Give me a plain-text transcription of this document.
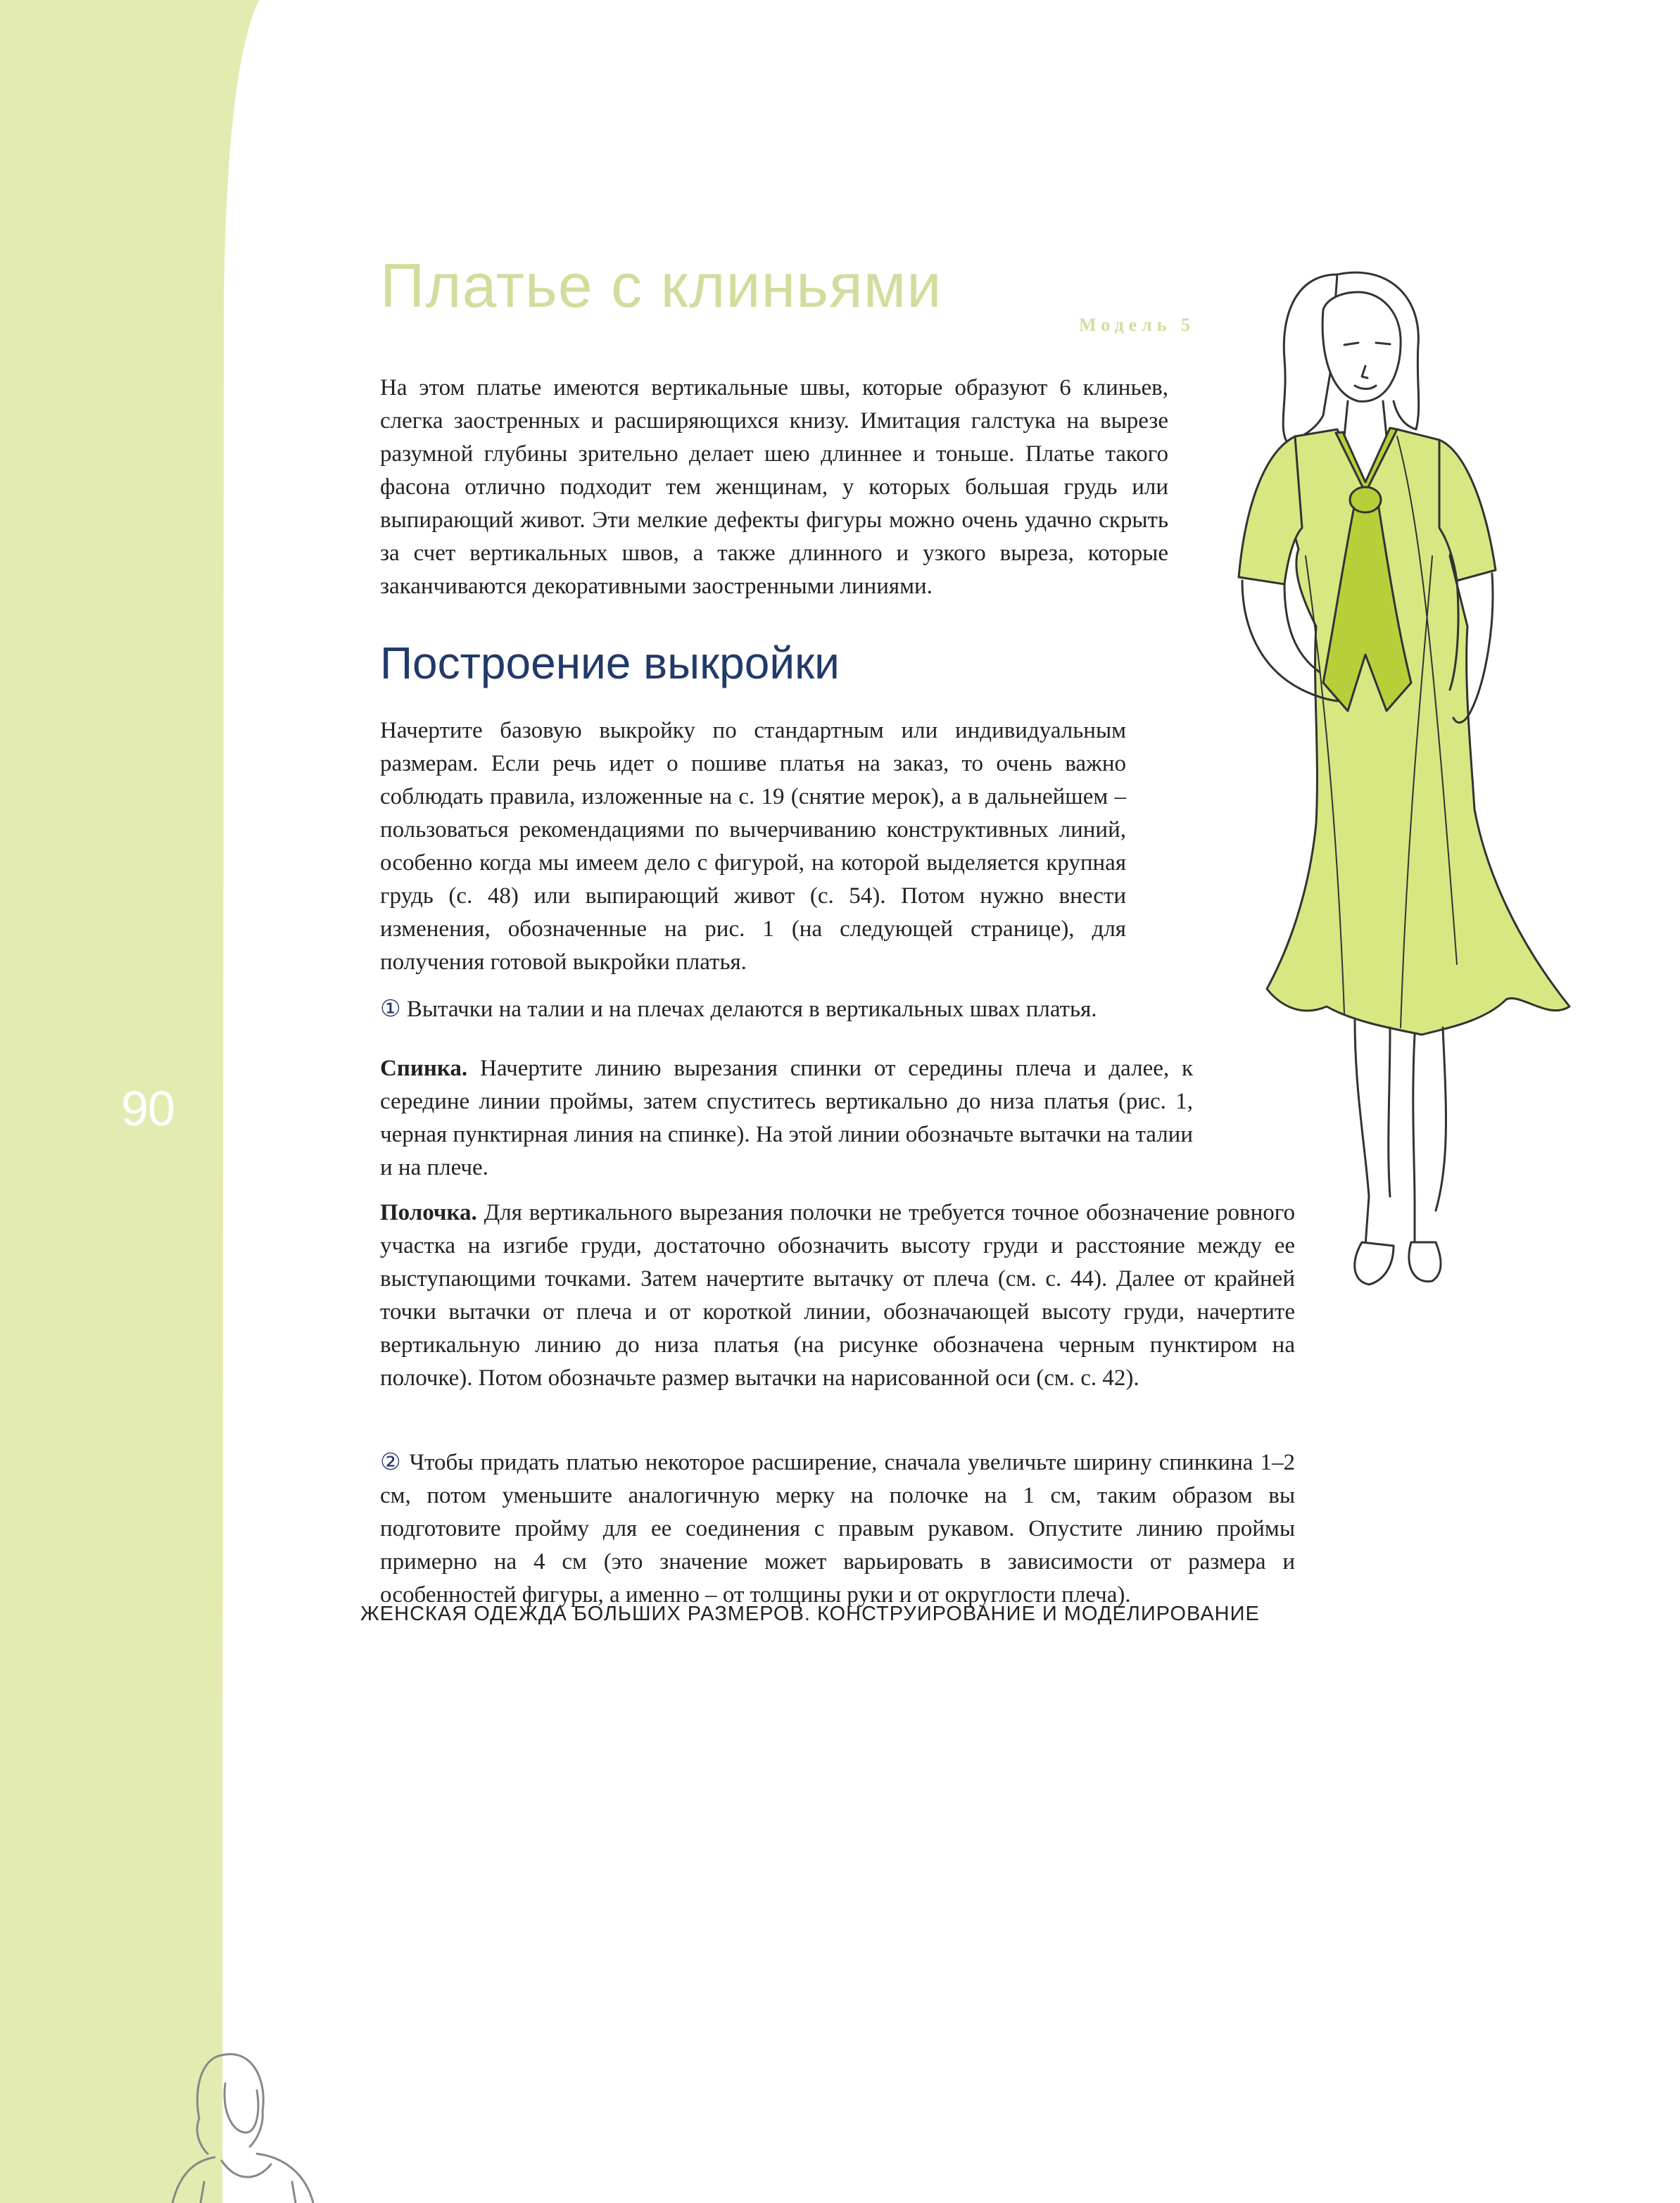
90
Платье с клиньями
Модель 5

На этом платье имеются вертикальные швы, которые образуют 6 клиньев, слегка заостренных и расширяющихся книзу. Имитация галстука на вырезе разумной глубины зрительно делает шею длиннее и тоньше. Платье такого фасона отлично подходит тем женщинам, у которых большая грудь или выпирающий живот. Эти мелкие дефекты фигуры можно очень удачно скрыть за счет вертикальных швов, а также длинного и узкого выреза, которые заканчиваются декоративными заостренными линиями.

Построение выкройки

Начертите базовую выкройку по стандартным или индивидуальным размерам. Если речь идет о пошиве платья на заказ, то очень важно соблюдать правила, изложенные на с. 19 (снятие мерок), а в дальнейшем – пользоваться рекомендациями по вычерчиванию конструктивных линий, особенно когда мы имеем дело с фигурой, на которой выделяется крупная грудь (с. 48) или выпирающий живот (с. 54). Потом нужно внести изменения, обозначенные на рис. 1 (на следующей странице), для получения готовой выкройки платья.

① Вытачки на талии и на плечах делаются в вертикальных швах платья.

Спинка. Начертите линию вырезания спинки от середины плеча и далее, к середине линии проймы, затем спуститесь вертикально до низа платья (рис. 1, черная пунктирная линия на спинке). На этой линии обозначьте вытачки на талии и на плече.

Полочка. Для вертикального вырезания полочки не требуется точное обозначение ровного участка на изгибе груди, достаточно обозначить высоту груди и расстояние между ее выступающими точками. Затем начертите вытачку от плеча (см. с. 44). Далее от крайней точки вытачки от плеча и от короткой линии, обозначающей высоту груди, начертите вертикальную линию до низа платья (на рисунке обозначена черным пунктиром на полочке). Потом обозначьте размер вытачки на нарисованной оси (см. с. 42).

② Чтобы придать платью некоторое расширение, сначала увеличьте ширину спинкина 1–2 см, потом уменьшите аналогичную мерку на полочке на 1 см, таким образом вы подготовите пройму для ее соединения с правым рукавом. Опустите линию проймы примерно на 4 см (это значение может варьировать в зависимости от размера и особенностей фигуры, а именно – от толщины руки и от округлости плеча).

ЖЕНСКАЯ ОДЕЖДА БОЛЬШИХ РАЗМЕРОВ. КОНСТРУИРОВАНИЕ И МОДЕЛИРОВАНИЕ
